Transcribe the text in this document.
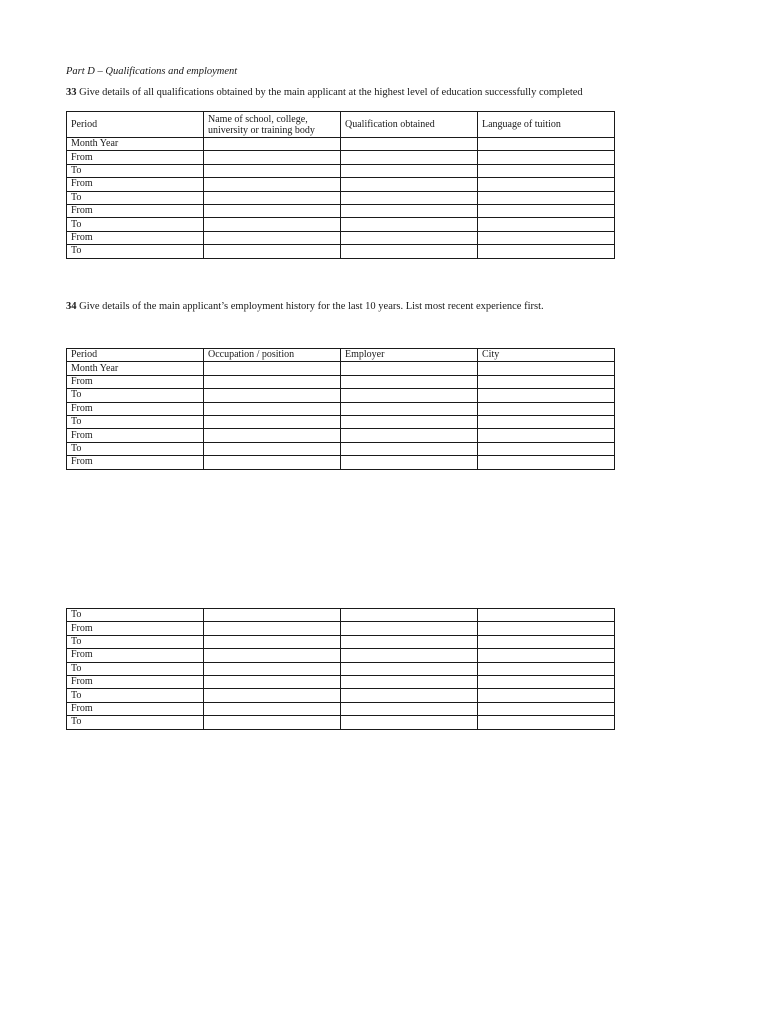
Part D – Qualifications and employment
33 Give details of all qualifications obtained by the main applicant at the highest level of education successfully completed
Period	Name of school, college, university or training body	Qualification obtained	Language of tuition
Month Year			
From			
To			
From			
To			
From			
To			
From			
To			
34 Give details of the main applicant’s employment history for the last 10 years. List most recent experience first.
Period	Occupation / position	Employer	City
Month Year			
From			
To			
From			
To			
From			
To			
From			
To			
From			
To			
From			
To			
From			
To			
From			
To			
